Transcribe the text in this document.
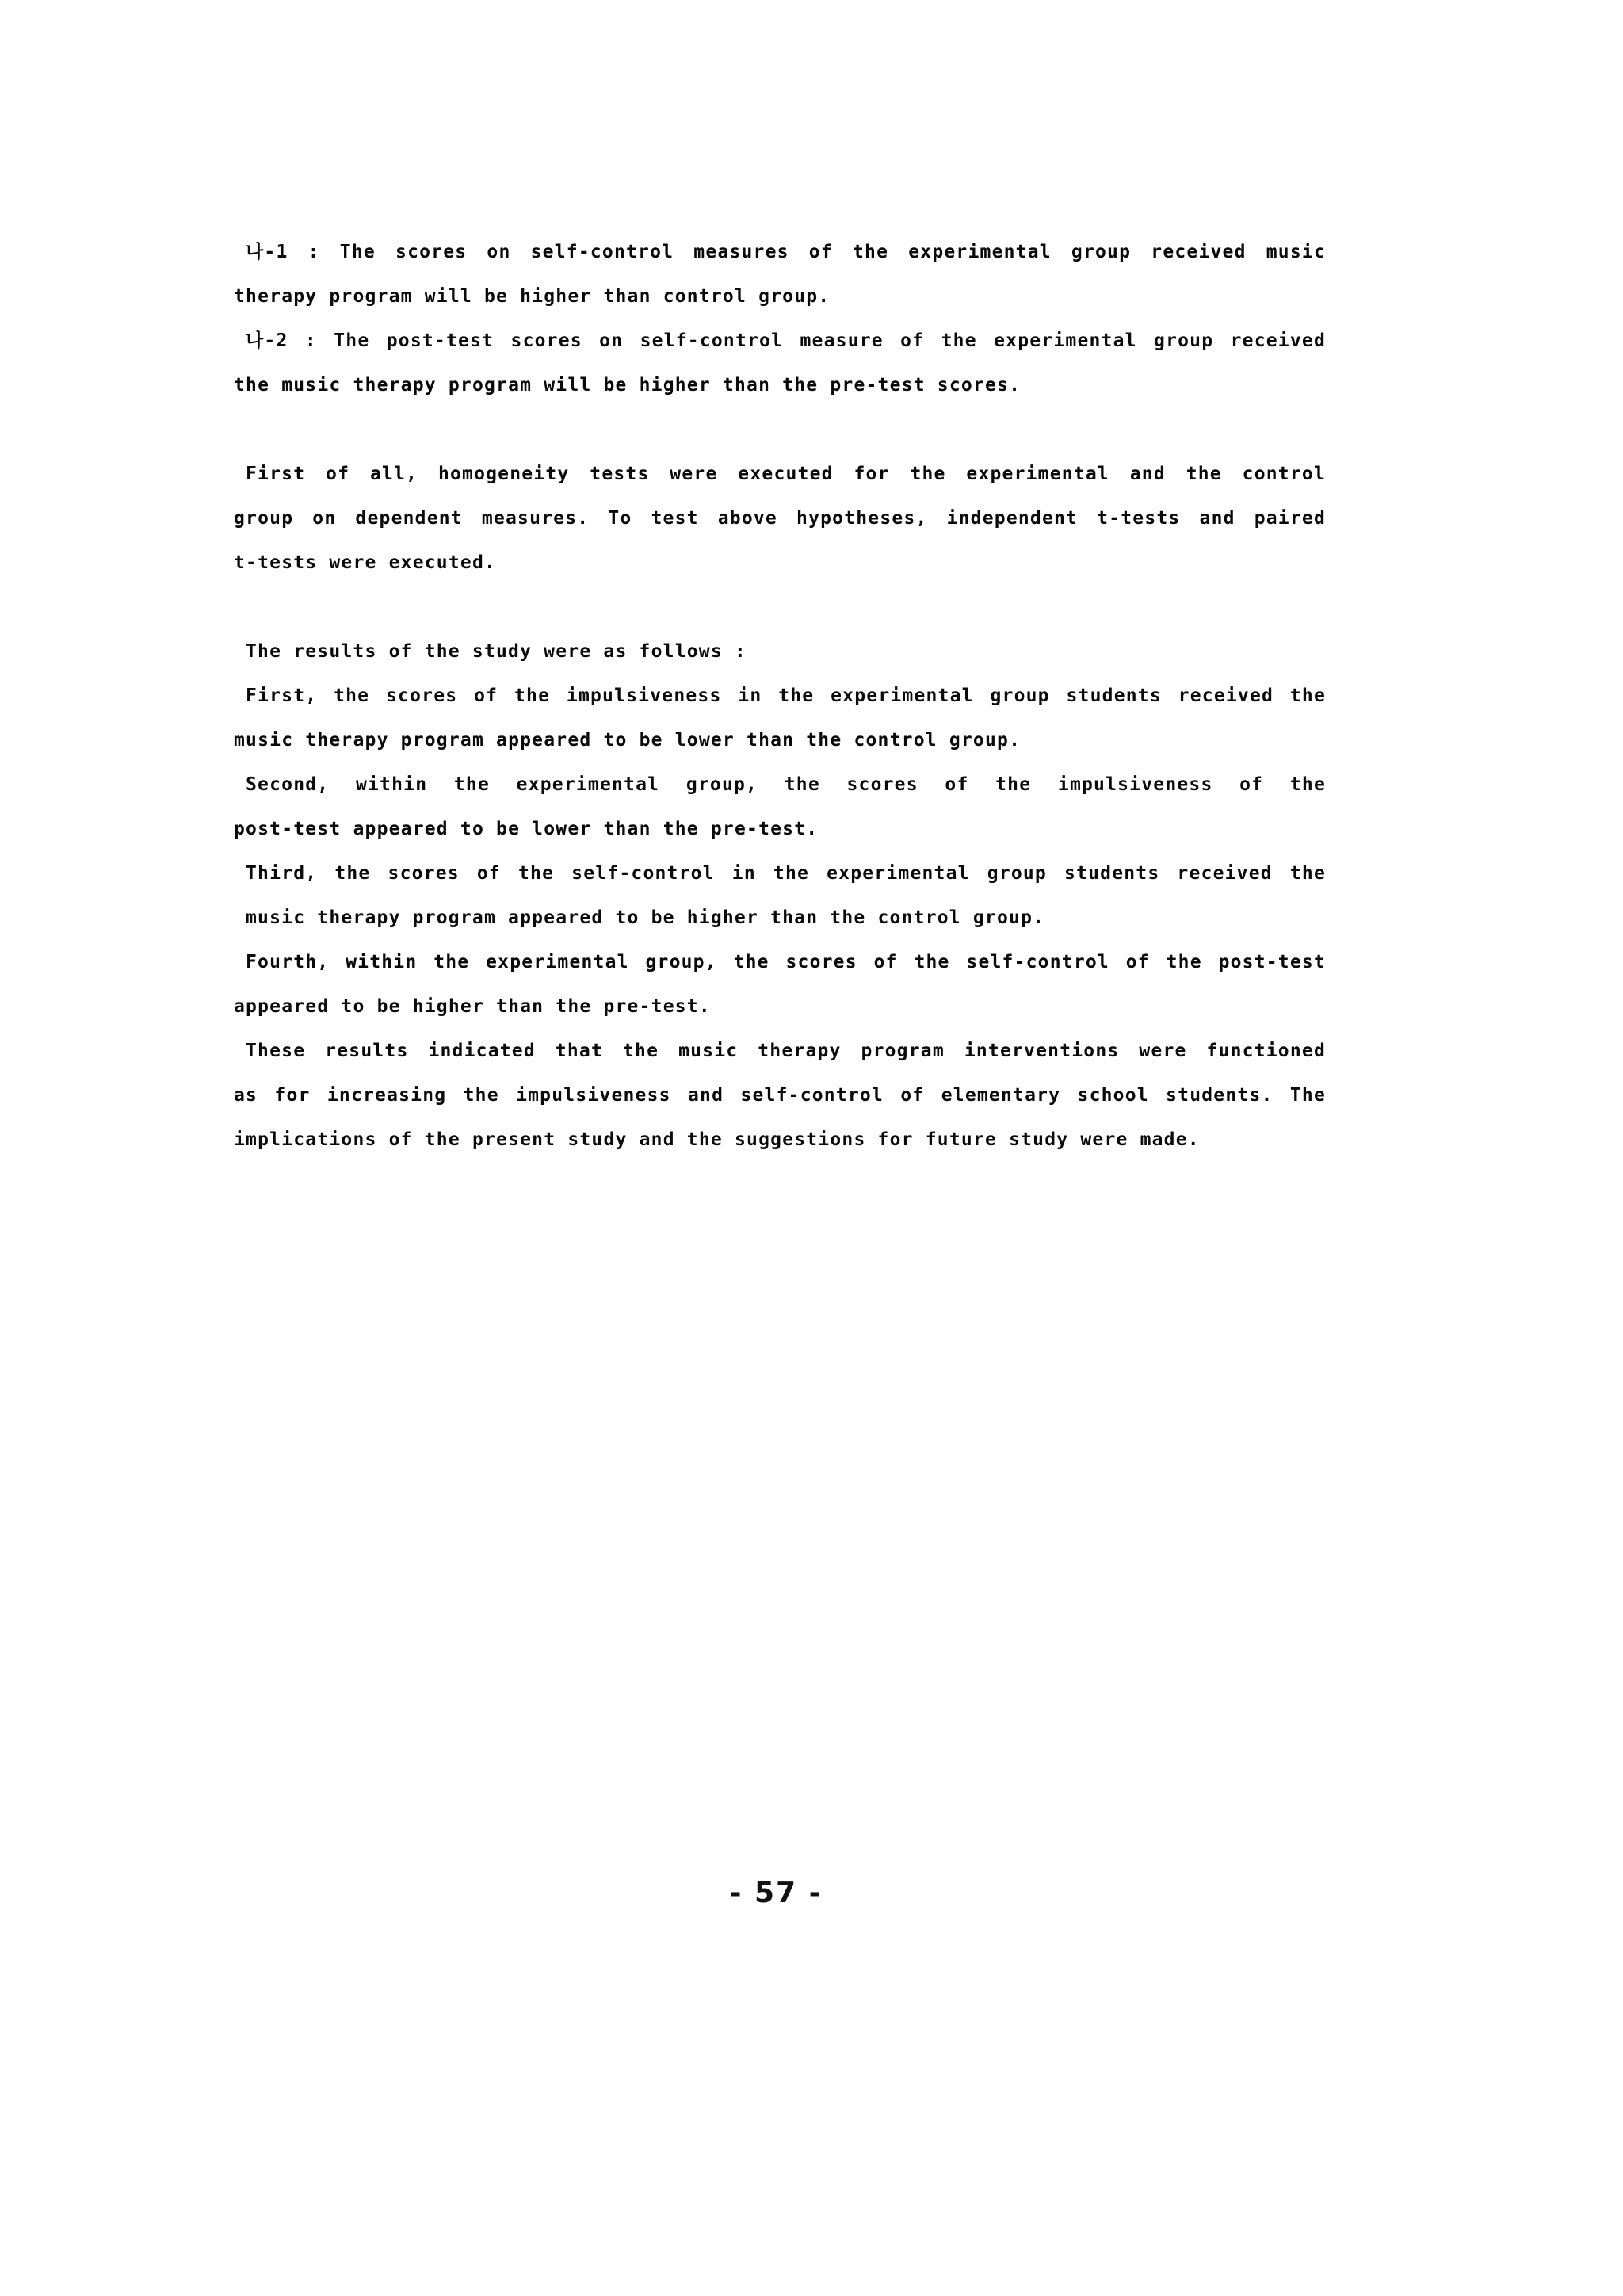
나-1 : The scores on self-control measures of the experimental group received music

therapy program will be higher than control group.

나-2 : The post-test scores on self-control measure of the experimental group received

the music therapy program will be higher than the pre-test scores.

First of all, homogeneity tests were executed for the experimental and the control

group on dependent measures. To test above hypotheses, independent t-tests and paired

t-tests were executed.

The results of the study were as follows :

First, the scores of the impulsiveness in the experimental group students received the

music therapy program appeared to be lower than the control group.

Second, within the experimental group, the scores of the impulsiveness of the

post-test appeared to be lower than the pre-test.

Third, the scores of the self-control in the experimental group students received the

music therapy program appeared to be higher than the control group.

Fourth, within the experimental group, the scores of the self-control of the post-test

appeared to be higher than the pre-test.

These results indicated that the music therapy program interventions were functioned

as for increasing the impulsiveness and self-control of elementary school students. The

implications of the present study and the suggestions for future study were made.

- 57 -
